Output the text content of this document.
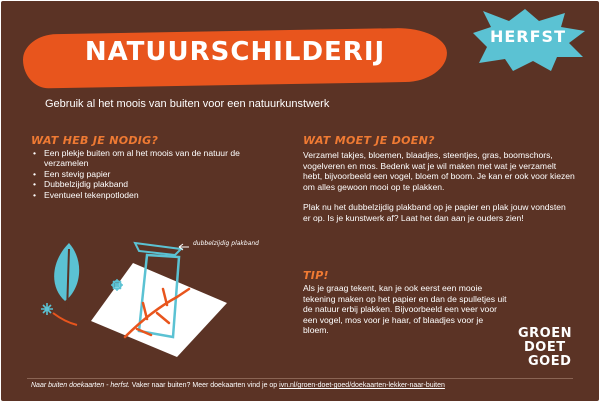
NATUURSCHILDERIJ
HERFST

Gebruik al het moois van buiten voor een natuurkunstwerk

WAT HEB JE NODIG?
• Een plekje buiten om al het moois van de natuur de verzamelen
• Een stevig papier
• Dubbelzijdig plakband
• Eventueel tekenpotloden
dubbelzijdig plakband
WAT MOET JE DOEN?

Verzamel takjes, bloemen, blaadjes, steentjes, gras, boomschors, vogelveren en mos. Bedenk wat je wil maken met wat je verzamelt hebt, bijvoorbeeld een vogel, bloem of boom. Je kan er ook voor kiezen om alles gewoon mooi op te plakken.

Plak nu het dubbelzijdig plakband op je papier en plak jouw vondsten er op. Is je kunstwerk af? Laat het dan aan je ouders zien!

TIP!

Als je graag tekent, kan je ook eerst een mooie tekening maken op het papier en dan de spulletjes uit de natuur erbij plakken. Bijvoorbeeld een veer voor een vogel, mos voor je haar, of blaadjes voor je bloem.	GROEN
DOET
GOED
Naar buiten doekaarten - herfst. Vaker naar buiten? Meer doekaarten vind je op ivn.nl/groen-doet-goed/doekaarten-lekker-naar-buiten
